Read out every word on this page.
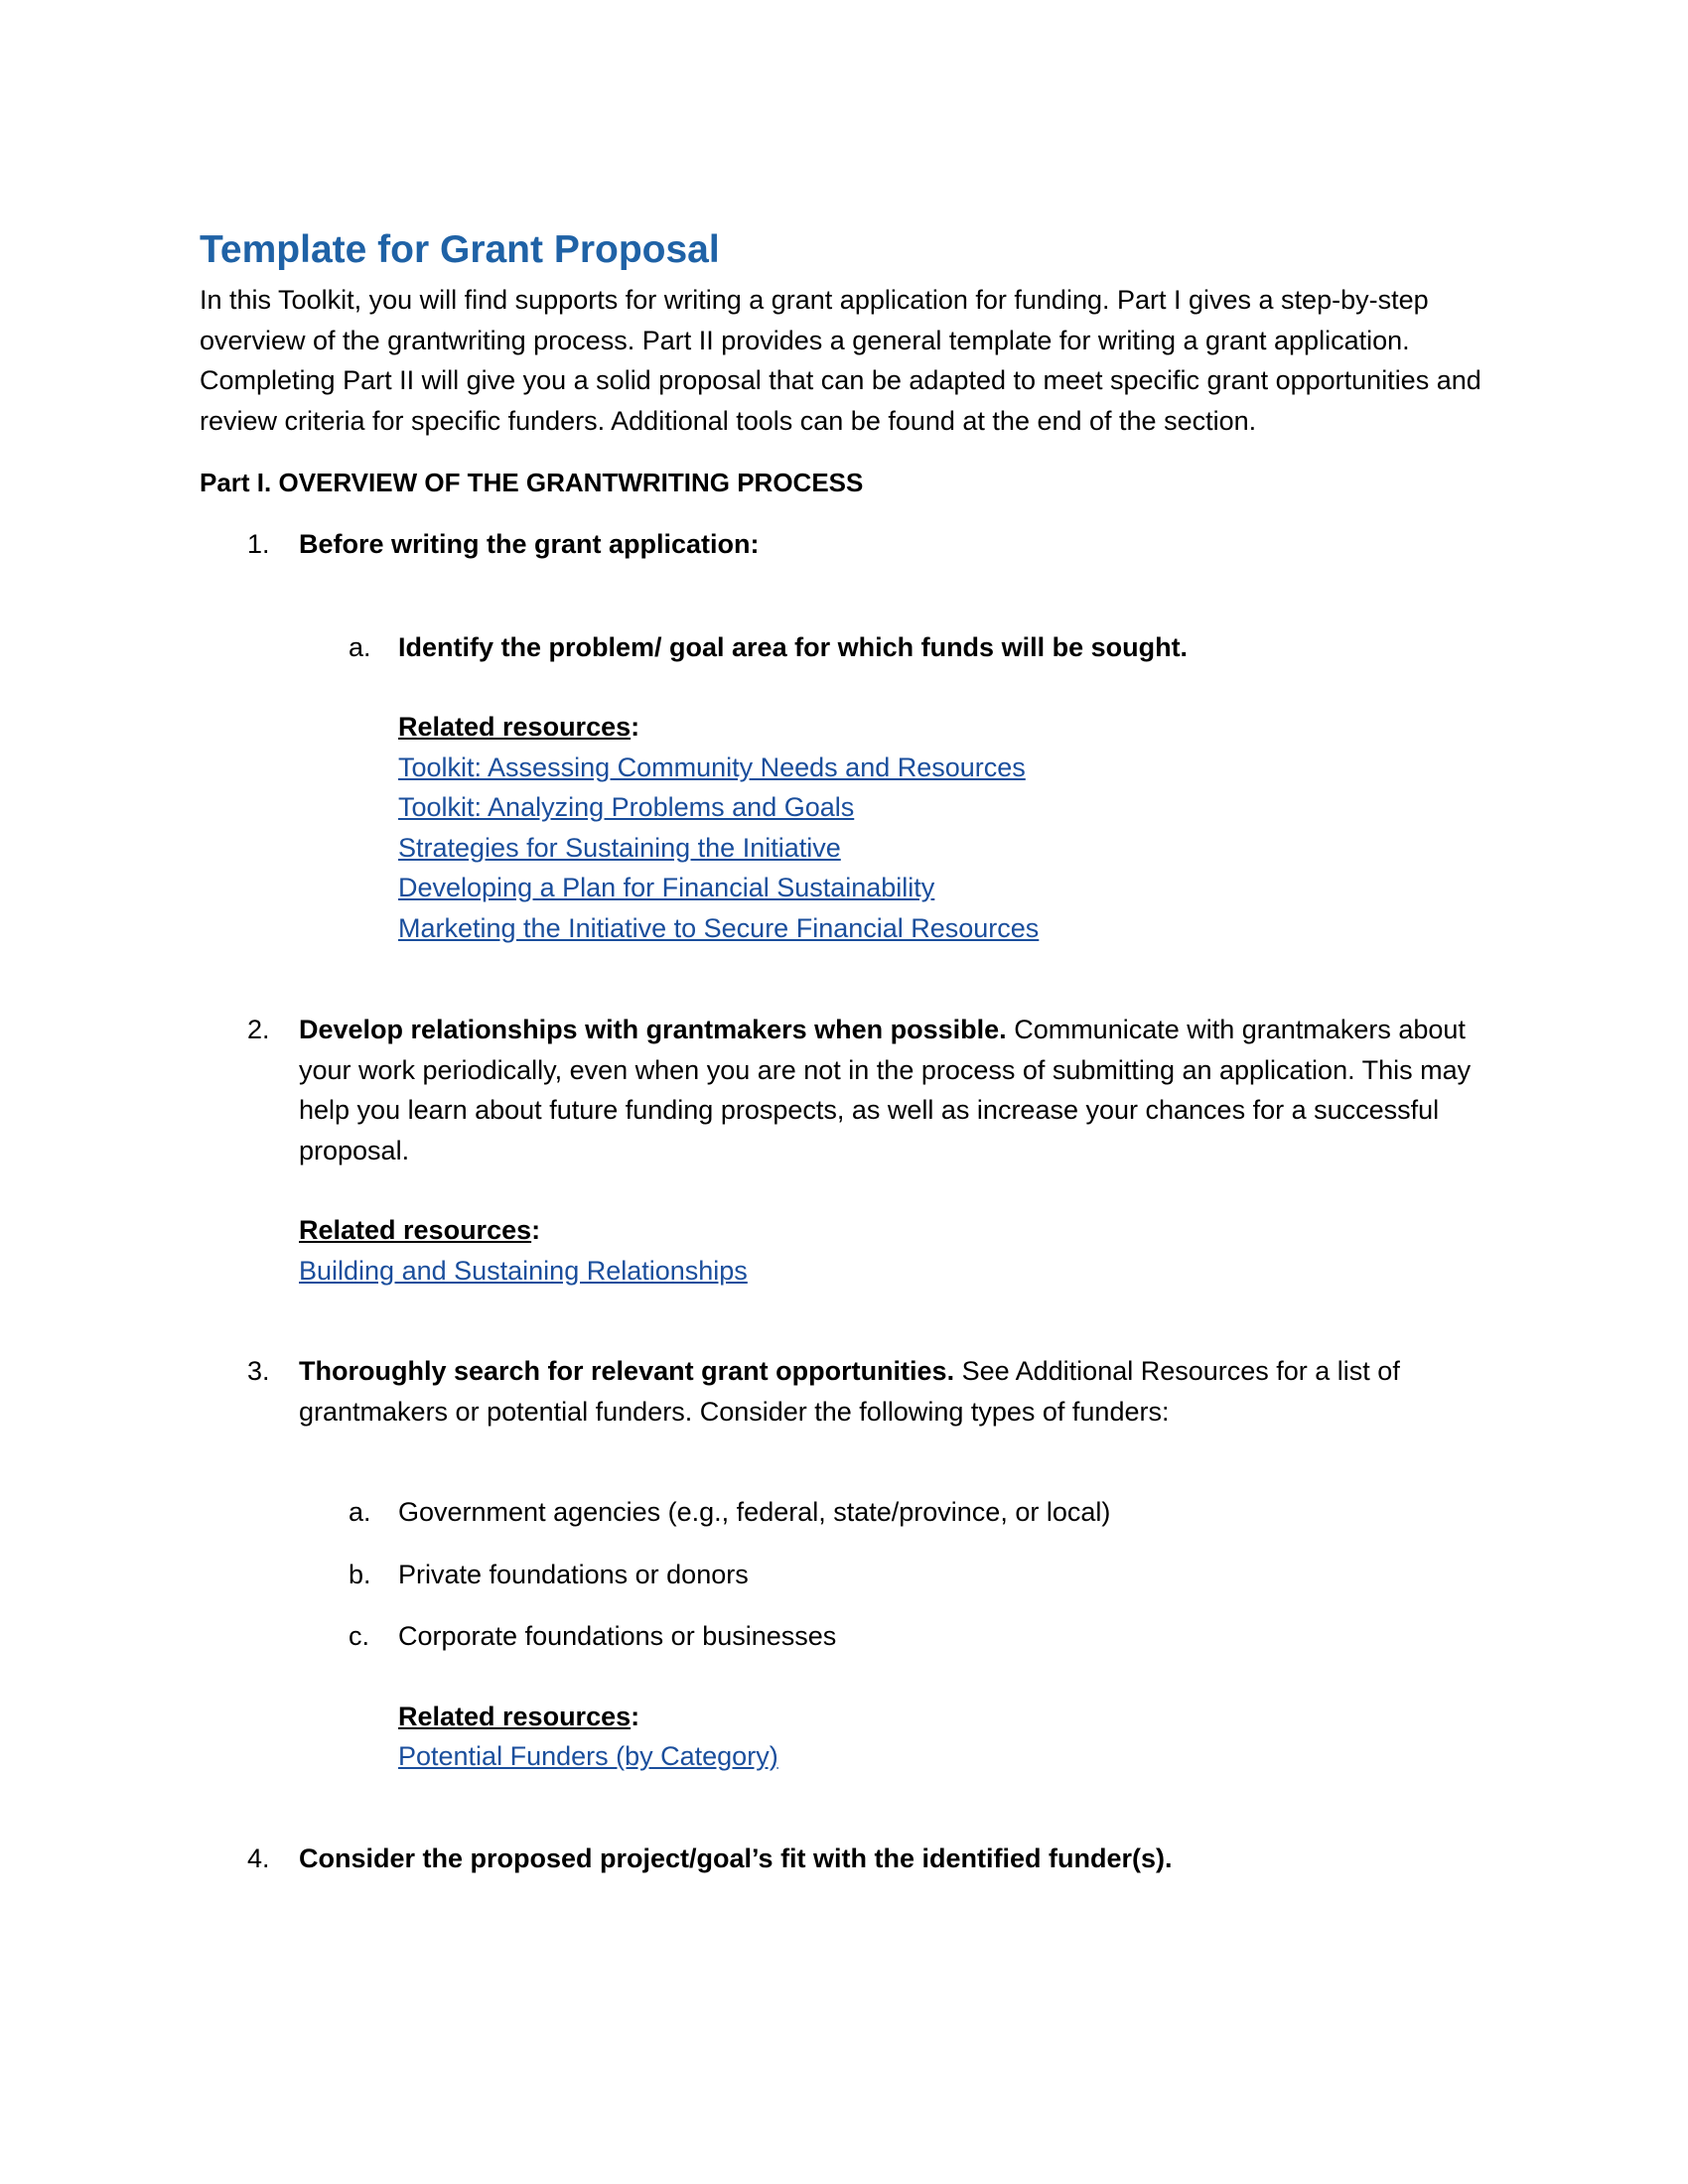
Template for Grant Proposal

In this Toolkit, you will find supports for writing a grant application for funding. Part I gives a step-by-step overview of the grantwriting process. Part II provides a general template for writing a grant application. Completing Part II will give you a solid proposal that can be adapted to meet specific grant opportunities and review criteria for specific funders. Additional tools can be found at the end of the section.

Part I. OVERVIEW OF THE GRANTWRITING PROCESS
1. Before writing the grant application:
a. Identify the problem/ goal area for which funds will be sought.
Related resources:
Toolkit: Assessing Community Needs and Resources
Toolkit: Analyzing Problems and Goals
Strategies for Sustaining the Initiative
Developing a Plan for Financial Sustainability
Marketing the Initiative to Secure Financial Resources
2. Develop relationships with grantmakers when possible. Communicate with grantmakers about your work periodically, even when you are not in the process of submitting an application. This may help you learn about future funding prospects, as well as increase your chances for a successful proposal.
Related resources:
Building and Sustaining Relationships
3. Thoroughly search for relevant grant opportunities. See Additional Resources for a list of grantmakers or potential funders. Consider the following types of funders:
a. Government agencies (e.g., federal, state/province, or local)
b. Private foundations or donors
c. Corporate foundations or businesses
Related resources:
Potential Funders (by Category)
4. Consider the proposed project/goal’s fit with the identified funder(s).
